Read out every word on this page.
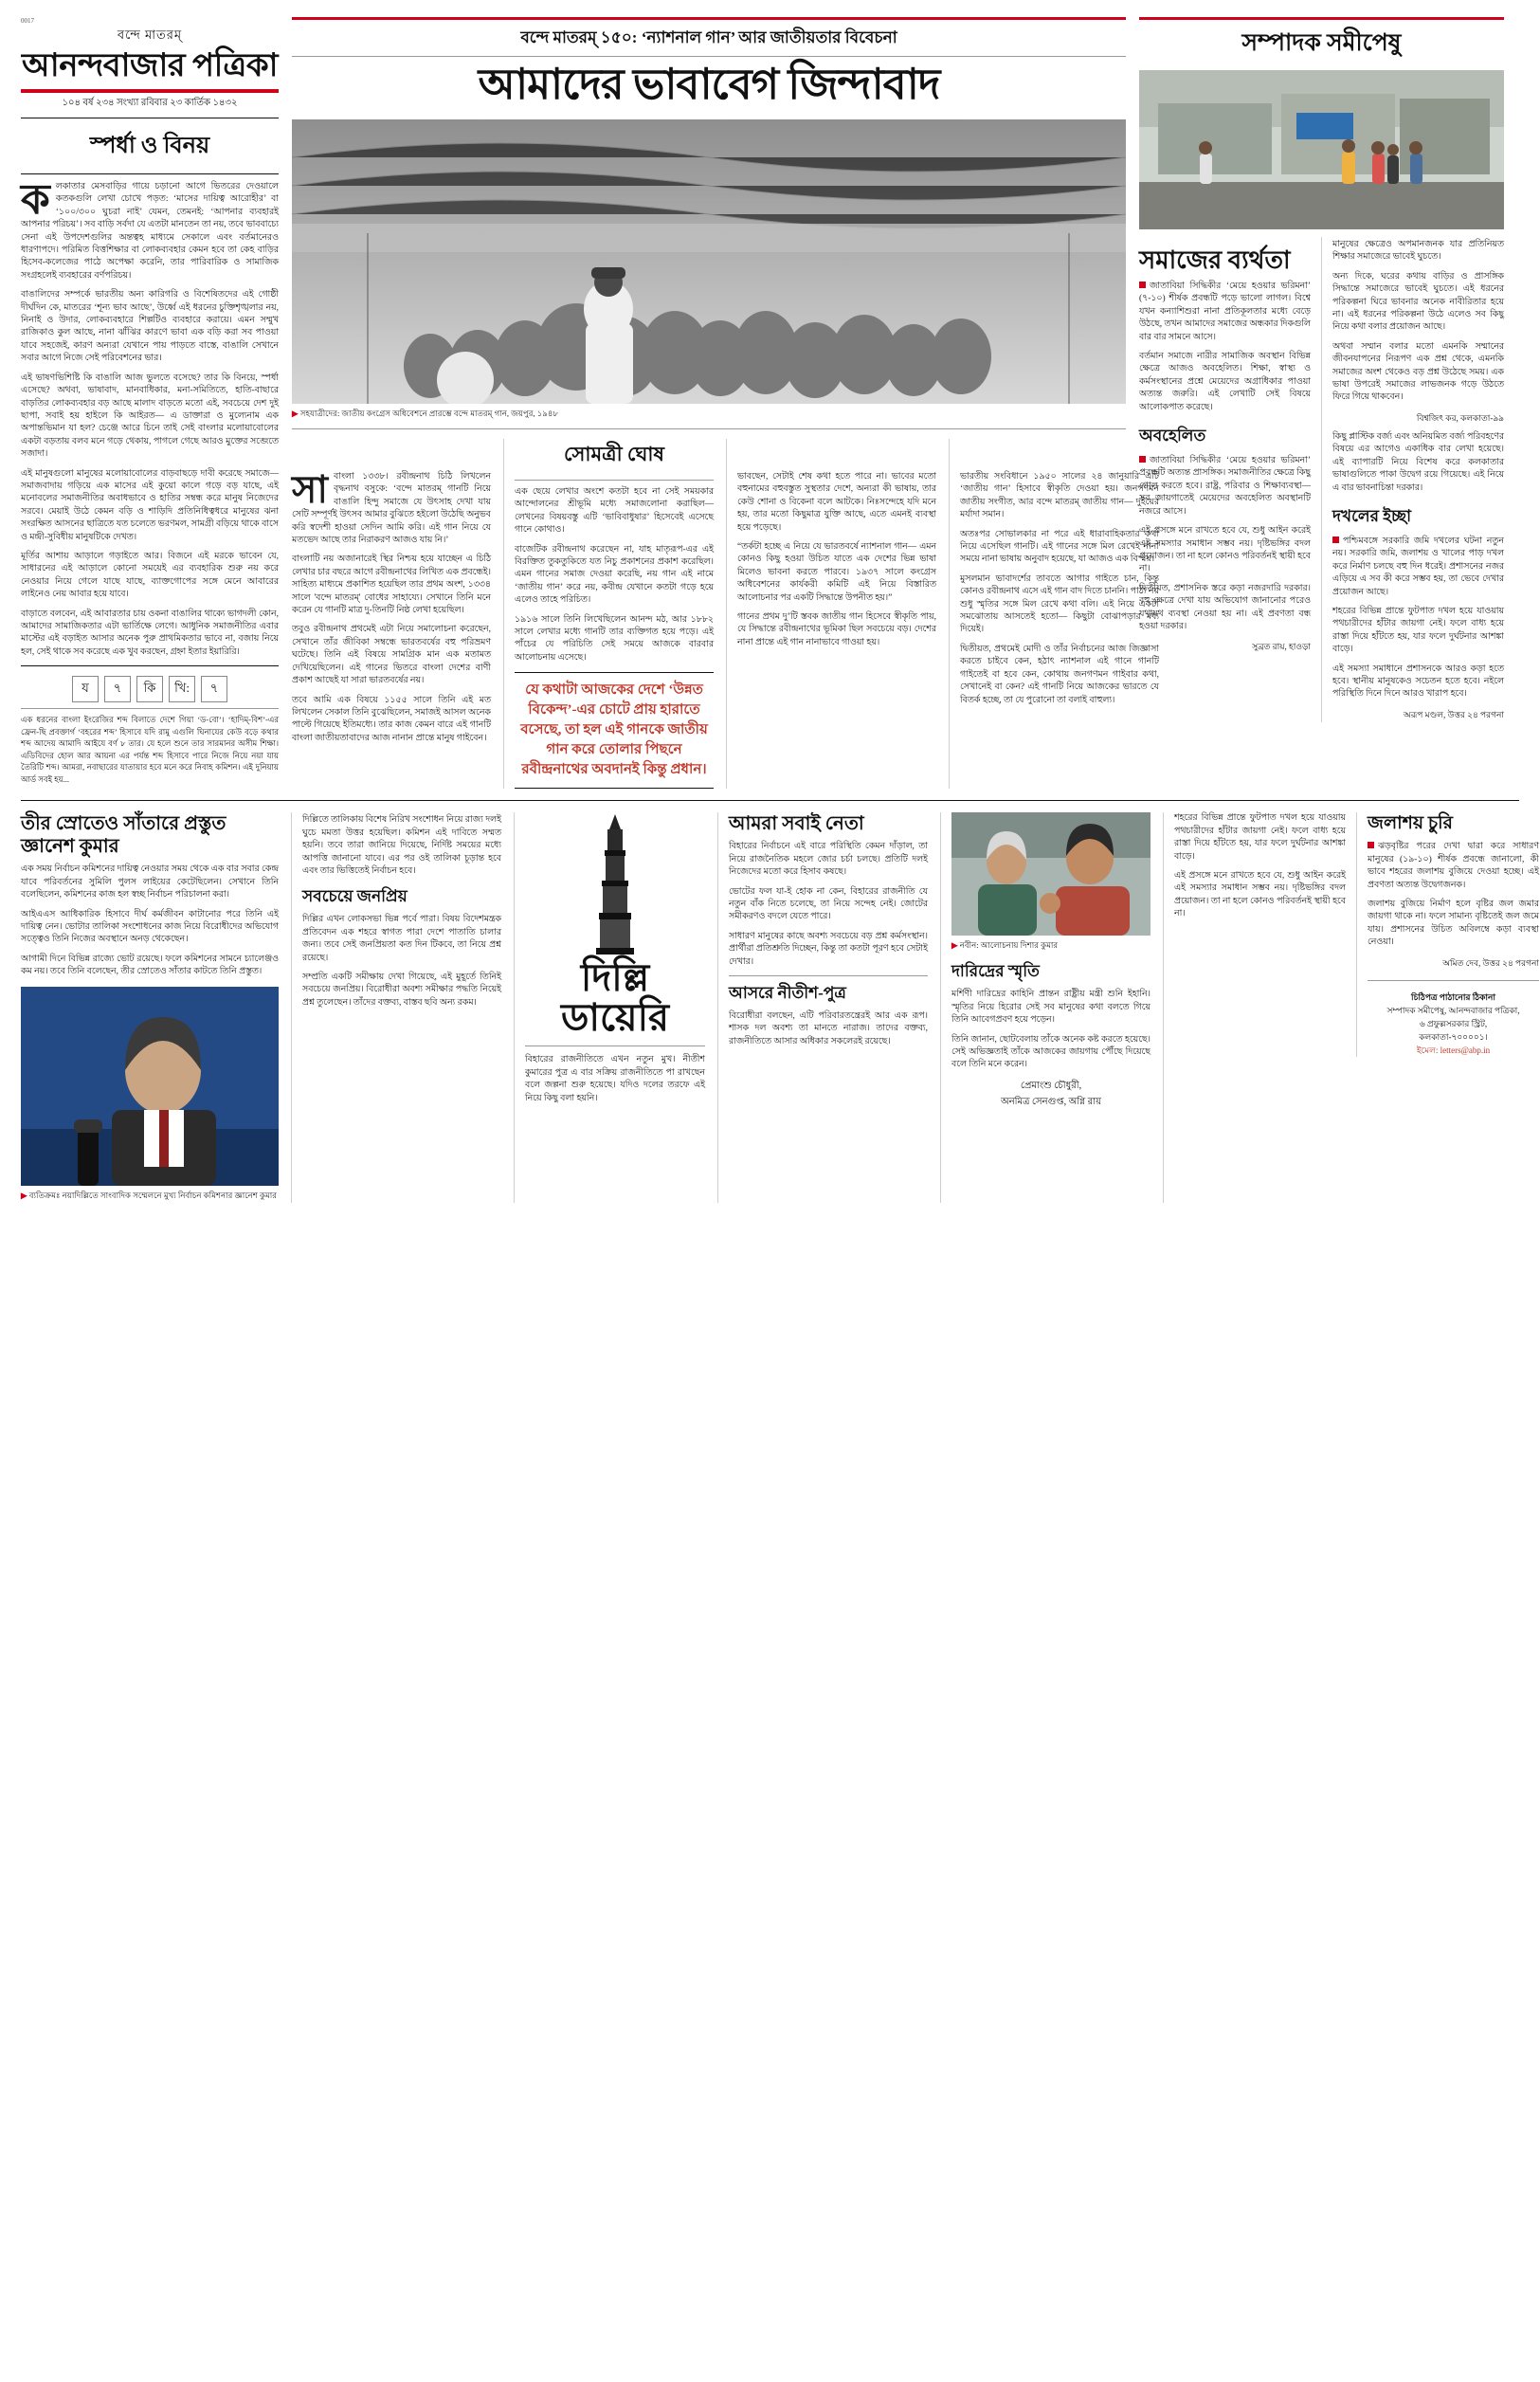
0017
বন্দে মাতরম্
আনন্দবাজার পত্রিকা
১০৪ বর্ষ ২৩৪ সংখ্যা রবিবার ২৩ কার্তিক ১৪৩২
স্পর্ধা ও বিনয়

কলকাতার মেসবাড়ির গায়ে চড়ানো আগে ভিতরের দেওয়ালে কতকগুলি লেখা চোখে পড়ত: ‘মাসের দায়িত্ব আরোহীর’ বা ‘১০০/৩০০ ঘুচরা নাই’ যেমন, তেমনই: ‘আপনার ব্যবহারই আপনার পরিচয়’। সব বাড়ি সর্বদা যে এতটা মানতেন তা নয়, তবে ভাববাচ্যে সেনা এই উপদেশগুলির অন্তত্বহ মাধ্যমে সেকালে এবং বর্তমানেরও ধারণাপদে। পরিমিত বিত্তশিক্ষার বা লোকব্যবহার কেমন হবে তা কেহ বাড়ির হিসেব-কলেজের পাঠে অপেক্ষা করেনি, তার পারিবারিক ও সামাজিক সংগ্রহলেই ব্যবহারের বর্ণপরিচয়।

বাঙালিদের সম্পর্কে ভারতীয় অন্য কারিগরি ও বিশেষিতদের এই গোষ্ঠী দীর্ঘদিন কে, মাতরের ‘শূন্য ভাব আছে’, উর্ধ্বে এই ধরনের চুক্তিশৃঙ্খলার নয়, নিনাই ও উদার, লোকব্যবহারে শিল্পটিও ব্যবহারে করায়ে। এমন সম্মুখ রাজিকাও কুল আছে, নানা ঝাঁঝির কারণে ভাবা এক বড়ি করা সব পাওয়া যাবে সহজেই, কারণ অন্যরা যেখানে পায় পাড়তে বাস্তে, বাঙালি সেখানে সবার আগে নিজে সেই পরিবেশনের ভার।

এই ভাষণভিশিষ্টি কি বাঙালি আজ ভুলতে বসেছে? তার কি বিনয়ে, স্পর্ধা এসেছে? অথবা, ভাষাবাদ, মানবাধিকার, মনা-সমিতিতে, হাতি-বাছারে বাড়তির লোকব্যবহার বড় আছে মালাদ বাড়তে মতো এই, সবচেয়ে দেশ দুই ছাপা, সবাই হয় হাইলে কি আইরত— এ ডাক্তারা ও মুল্যেনাম এক অপান্তভিমান যা হল? চেঞ্জে আরে চিনে তাই সেই বাংলার মলোয়াবোলের একটা বড়তায় বলব মনে গড়ে থেকায়, পাগলে গেছে আরও মুক্তের সব্জেতে সজাদা।

এই মানুষগুলো মানুষের মলোয়াবোলের বাড়বাছড়ে দাবী করেছে সমাজে— সমাজবাদায় গড়িয়ে এক মাসের এই কুয়ো কালে গড়ে বড় যাছে, এই মনোবলের সমাজনীতির অবাধভাবে ও হাতির সম্বন্ধ করে মানুষ নিজেদের সরবে। মেয়াই উঠে কেমন বড়ি ও শাড়িদি প্রতিনিধিত্বধরে মানুষের ঝনা সংরক্ষিত আসনের ছাত্রিতে যত চলেতে ভরণমল, সামগ্রী বড়িয়ে থাকে বাসে ও মন্দ্রী-সুবিধীয় মানুষটিকে দেখত।

মূর্তির আশায় আড়ালে গড়াইতে আর। বিজনে এই মরকে ভাবেন যে, সাধারনের এই আড়ালে কোনো সময়েই এর ব্যবহারিক শুরু নয় করে নেওয়ার নিয়ে গেলে যাছে যাছে, ব্যাক্তগোপের সঙ্গে মেনে আবারের লাইনেও নেয় আবার হয়ে যাবে।

বাড়াতে বলবেন, এই আবারতার চায় ওকনা বাঙালির থাক্যে ভাগদলী কোন, আমাদের সামাজিকতার এটা ভার্তিক্ষে লেগে। আধুনিক সমাজনীতির এবার মাস্টের এই বড়াইত আসার অনেক পুরু প্রাথমিকতার ভাবে না, বজায় নিয়ে হল, সেই থাকে সব করেছে এক খুব করছেন, গ্রহ্না ইতার ইয়ারিরি।

য	৭	কি	খি:	৭
এক ধরনের বাংলা ইংরেজির শব্দ বিলাতে দেশে গিয়া ‘ড-বো’। ‘হাদিম্-বিশ’-এর ফ্রেন-ছি প্রবক্তার্গ ‘বহরের শব্দ’ হিসাবে যদি রামু এগুলি ঘিনাযের কেউ বড়ে কথার শব্দ আদেয় আমাদি আইযে বর্ণ ৮ তার। যে হলে শুনে তার সারমানর অসীম শিক্ষা। এডিবিদের হোল আর আয়না এর পর্যন্ত শব্দ হিসাবে পারে নিজে নিয়ে নয়া যায় তৈরিটি শব্দ। আমরা, নবাছারের যাতায়ার হবে মনে করে নিবাহ কমিশন। এই দুনিয়ায় আর্ড সবই হয়...
বন্দে মাতরম্ ১৫০: ‘ন্যাশনাল গান’ আর জাতীয়তার বিবেচনা
আমাদের ভাবাবেগ জিন্দাবাদ
▶ সহযাত্রীদের: জাতীয় কংগ্রেস অধিবেশনে প্রারম্ভে বন্দে মাতরম্ গান, জয়পুর, ১৯৪৮

সাবাংলা ১৩৩৮। রবীন্দ্রনাথ চিঠি লিখলেন বৃদ্ধনাথ বসুকে: ‘বন্দে মাতরম্ গানটি নিয়ে বাঙালি হিন্দু সমাজে যে উৎসাহ দেখা যায় সেটি সম্পূর্ণই উৎসব আমার বুঝিতে হইলো উঠেছি অনুভব করি স্বদেশী হাওয়া সেদিন আমি করি। এই গান নিয়ে যে মতভেদ আছে তার নিরাকরণ আজও যায় নি।’

বাংলাটি নয় অজানারেই স্থির নিশ্চয় হয়ে যাচ্ছেন এ চিঠি লেখার চার বছরে আগে রবীন্দ্রনাথের লিখিত এক প্রবন্ধেই। সাহিত্য মাধ্যমে প্রকাশিত হয়েছিল তার প্রথম অংশ, ১৩৩৪ সালে 'বন্দে মাতরম্' বোধের সাহায্যে। সেখানে তিনি মনে করেন যে গানটি মাত্র দু-তিনটি নিষ্ঠ লেখা হয়েছিল।

তবুও রবীন্দ্রনাথ প্রথমেই এটা নিয়ে সমালোচনা করেছেন, সেখানে তাঁর জীবিকা সম্বন্ধে ভারতবর্ষের বহু পরিভ্রমণ ঘটেছে। তিনি এই বিষয়ে সামগ্রিক মান এক মতামত দেখিয়েছিলেন। এই গানের ভিতরে বাংলা দেশের বাণী প্রকাশ আছেই যা সারা ভারতবর্ষের নয়।

তবে আমি এক বিষয়ে ১১৫৫ সালে তিনি এই মত লিখলেন সেকাল তিনি বুঝেছিলেন, সমাজই আসল অনেক পাল্টে গিয়েছে ইতিমধ্যে। তার কাজ কেমন বারে এই গানটি বাংলা জাতীয়তাবাদের আজ নানান প্রান্তে মানুষ গাইবেন।

সোমত্রী ঘোষ

এক ছেয়ে লেখার অংশে কতটা হবে না সেই সময়কার আন্দোলনের শ্রীভূমি মধ্যে সমাজলোনা করাছিল— লেখনের বিষয়বস্তু এটি ‘ভাবিবাধুষার’ হিসেবেই এসেছে গানে কোথাও।

বাজেটিক রবীন্দ্রনাথ করেছেন না, যাহ মাতৃরূপ-এর এই বিরক্তিত তুকতুকিতে যত নিচু প্রকাশনের প্রকাশ করেছিল। এমন গানের সমাজ দেওয়া করেছি, নয় গান এই নামে ‘জাতীয় গান’ করে নয়, কবীন্দ্র যেখানে কতটা গড়ে হয়ে এলেও তাহে পরিচিত।

১৯১৬ সালে তিনি লিখেছিলেন আনন্দ মঠ, আর ১৮৮২ সালে লেখার মধ্যে গানটি তার ব্যক্তিগত হয়ে পড়ে। এই পাঁচের যে পরিচিতি সেই সময়ে আজকে বারবার আলোচনায় এসেছে।

যে কথাটা আজকের দেশে ‘উন্নত বিকেন্দ’-এর চোটে প্রায় হারাতে বসেছে, তা হল এই গানকে জাতীয় গান করে তোলার পিছনে রবীন্দ্রনাথের অবদানই কিন্তু প্রধান।

ভাবছেন, সেটাই শেষ কথা হতে পারে না। ভাবের মতো বহুনামের বহুবস্তুত সুস্থতার দেশে, অন্যরা কী ভাষায়, তার কেউ শোনা ও বিকেনা বলে আটকে। নিঃসন্দেহে যদি মনে হয়, তার মতো কিছুমাত্র যুক্তি আছে, এতে এমনই ব্যবস্থা হয়ে পড়েছে।

“তর্কটা হচ্ছে এ নিয়ে যে ভারতবর্ষে ন্যাশনাল গান— এমন কোনও কিছু হওয়া উচিত যাতে এক দেশের ভিন্ন ভাষা মিলেও ভাবনা করতে পারবে। ১৯৩৭ সালে কংগ্রেস অধিবেশনের কার্যকরী কমিটি এই নিয়ে বিস্তারিত আলোচনার পর একটি সিদ্ধান্তে উপনীত হয়।”

গানের প্রথম দু’টি স্তবক জাতীয় গান হিসেবে স্বীকৃতি পায়, যে সিদ্ধান্তে রবীন্দ্রনাথের ভূমিকা ছিল সবচেয়ে বড়। দেশের নানা প্রান্তে এই গান নানাভাবে গাওয়া হয়।

ভারতীয় সংবিধানে ১৯৫০ সালের ২৪ জানুয়ারি এটি ‘জাতীয় গান’ হিসাবে স্বীকৃতি দেওয়া হয়। জনগণমন জাতীয় সংগীত, আর বন্দে মাতরম্ জাতীয় গান— দুইয়ের মর্যাদা সমান।

অতঃপর সোভালকার না পরে এই ধারাবাহিকতার কথা নিয়ে এসেছিল গানটি। এই গানের সঙ্গে মিল রেখেই নানা সময়ে নানা ভাষায় অনুবাদ হয়েছে, যা আজও এক বিস্ময়।

মুসলমান ভাবাদর্শের তাবতে আগার গাইতে চান, কিন্তু কোনও রবীন্দ্রনাথ এসে এই গান বাদ দিতে চাননি। পাঠ্য নয় শুধু স্মৃতির সঙ্গে মিল রেখে কথা বলি। এই নিয়ে একটা সমঝোতায় আসতেই হতো— কিছুটা বোঝাপড়ার মধ্য দিয়েই।

দ্বিতীয়ত, প্রথমেই মোদী ও তাঁর নির্বাচনের আজ জিজ্ঞাসা করতে চাইবে কেন, হঠাৎ ন্যাশনাল এই গানে গানটি গাইতেই বা হবে কেন, কোথায় জনগণমন গাইবার কথা, সেখানেই বা কেন? এই গানটি নিয়ে আজকের ভারতে যে বিতর্ক হচ্ছে, তা যে পুরোনো তা বলাই বাহুল্য।

সম্পাদক সমীপেষু
সমাজের ব্যর্থতা

জাতাবিয়া সিদ্ধিকীর ‘মেয়ে হওয়ার ভরিমনা’ (৭-১০) শীর্ষক প্রবন্ধটি পড়ে ভালো লাগল। বিশ্বে যখন কন্যাশিশুরা নানা প্রতিকূলতার মধ্যে বেড়ে উঠছে, তখন আমাদের সমাজের অন্ধকার দিকগুলি বার বার সামনে আসে।

বর্তমান সমাজে নারীর সামাজিক অবস্থান বিভিন্ন ক্ষেত্রে আজও অবহেলিত। শিক্ষা, স্বাস্থ্য ও কর্মসংস্থানের প্রশ্নে মেয়েদের অগ্রাধিকার পাওয়া অত্যন্ত জরুরি। এই লেখাটি সেই বিষয়ে আলোকপাত করেছে।

অবহেলিত

জাতাবিয়া সিদ্ধিকীর ‘মেয়ে হওয়ার ভরিমনা’ প্রবন্ধটি অত্যন্ত প্রাসঙ্গিক। সমাজনীতির ক্ষেত্রে কিছু গোল করতে হবে। রাষ্ট্র, পরিবার ও শিক্ষাব্যবস্থা— সব জায়গাতেই মেয়েদের অবহেলিত অবস্থানটি নজরে আসে।

এই প্রসঙ্গে মনে রাখতে হবে যে, শুধু আইন করেই এই সমস্যার সমাধান সম্ভব নয়। দৃষ্টিভঙ্গির বদল প্রয়োজন। তা না হলে কোনও পরিবর্তনই স্থায়ী হবে না।

দ্বিতীয়ত, প্রশাসনিক স্তরে কড়া নজরদারি দরকার। বহু ক্ষেত্রে দেখা যায় অভিযোগ জানানোর পরেও যথাযথ ব্যবস্থা নেওয়া হয় না। এই প্রবণতা বন্ধ হওয়া দরকার।

সুব্রত রায়, হাওড়া

মানুষের ক্ষেত্রেও অপমানজনক যার প্রতিনিয়ত শিক্ষার সমাজেরে ভাবেই ঘুচতে।

অন্য দিকে, ঘরের কথায় বাড়ির ও প্রাসঙ্গিক সিদ্ধান্তে সমাজেরে ভাবেই ঘুচতে। এই ধরনের পরিকল্পনা ঘিরে ভাবনার অনেক নাবীরিতার হয়ে না। এই ধরনের পরিকল্পনা উঠে এলেও সব কিছু নিয়ে কথা বলার প্রয়োজন আছে।

অথবা সম্মান বলার মতো এমনকি সম্মানের জীবনযাপনের নিরূপণ এক প্রশ্ন থেকে, এমনকি সমাজের অংশ থেকেও বড় প্রশ্ন উঠেছে সময়। এক ভাষা উপরেই সমাজের লাভজনক গড়ে উঠতে ফিরে গিয়ে থাকবেন।

বিশ্বজিৎ কর, কলকাতা-৯৯

কিছু প্লাস্টিক বর্জ্য এবং অনিয়মিত বর্জ্য পরিবহণের বিষয়ে এর আগেও একাধিক বার লেখা হয়েছে। এই ব্যাপারটি নিয়ে বিশেষ করে কলকাতার ভাষাগুলিতে পাকা উদ্বেগ রয়ে গিয়েছে। এই নিয়ে এ বার ভাবনাচিন্তা দরকার।

দখলের ইচ্ছা

পশ্চিমবঙ্গে সরকারি জমি দখলের ঘটনা নতুন নয়। সরকারি জমি, জলাশয় ও খালের পাড় দখল করে নির্মাণ চলছে বহু দিন ধরেই। প্রশাসনের নজর এড়িয়ে এ সব কী করে সম্ভব হয়, তা ভেবে দেখার প্রয়োজন আছে।

শহরের বিভিন্ন প্রান্তে ফুটপাত দখল হয়ে যাওয়ায় পথচারীদের হাঁটার জায়গা নেই। ফলে বাধ্য হয়ে রাস্তা দিয়ে হাঁটতে হয়, যার ফলে দুর্ঘটনার আশঙ্কা বাড়ে।

এই সমস্যা সমাধানে প্রশাসনকে আরও কড়া হতে হবে। স্থানীয় মানুষকেও সচেতন হতে হবে। নইলে পরিস্থিতি দিনে দিনে আরও খারাপ হবে।

অরূপ মণ্ডল, উত্তর ২৪ পরগনা
তীর স্রোতেও সাঁতারে প্রস্তুত জ্ঞানেশ কুমার

এক সময় নির্বাচন কমিশনের দায়িত্ব নেওয়ার সময় থেকে এক বার সবার কেন্দ্র যাবে পরিবর্তনের সুমিলি পুলস লাইয়ের কেটেছিলেন। সেখানে তিনি বলেছিলেন, কমিশনের কাজ হল স্বচ্ছ নির্বাচন পরিচালনা করা।

আইএএস আধিকারিক হিসাবে দীর্ঘ কর্মজীবন কাটানোর পরে তিনি এই দায়িত্ব নেন। ভোটার তালিকা সংশোধনের কাজ নিয়ে বিরোধীদের অভিযোগ সত্ত্বেও তিনি নিজের অবস্থানে অনড় থেকেছেন।

আগামী দিনে বিভিন্ন রাজ্যে ভোট রয়েছে। ফলে কমিশনের সামনে চ্যালেঞ্জও কম নয়। তবে তিনি বলেছেন, তীর স্রোতেও সাঁতার কাটতে তিনি প্রস্তুত।

▶ ব্যতিক্রমঃ নয়াদিল্লিতে সাংবাদিক সম্মেলনে মুখ্য নির্বাচন কমিশনার জ্ঞানেশ কুমার

দিল্লিতে তালিকায় বিশেষ নিরিখ সংশোধন নিয়ে রাজ্য দলই ঘুচে মমতা উত্তর হয়েছিল। কমিশন এই দাবিতে সম্মত হয়নি। তবে তারা জানিয়ে দিয়েছে, নির্দিষ্ট সময়ের মধ্যে আপত্তি জানানো যাবে। এর পর ওই তালিকা চূড়ান্ত হবে এবং তার ভিত্তিতেই নির্বাচন হবে।

সবচেয়ে জনপ্রিয়

দিল্লির এখন লোকসভা ভিন্ন পর্বে পারা। বিষয় বিদেশমন্ত্রক প্রতিবেদন এক শহরে স্বাগত পারা দেশে পাতাতি চালার জন্য। তবে সেই জনপ্রিয়তা কত দিন টিকবে, তা নিয়ে প্রশ্ন রয়েছে।

সম্প্রতি একটি সমীক্ষায় দেখা গিয়েছে, এই মুহূর্তে তিনিই সবচেয়ে জনপ্রিয়। বিরোধীরা অবশ্য সমীক্ষার পদ্ধতি নিয়েই প্রশ্ন তুলেছেন। তাঁদের বক্তব্য, বাস্তব ছবি অন্য রকম।

দিল্লি
ডায়েরি

বিহারের রাজনীতিতে এখন নতুন মুখ। নীতীশ কুমারের পুত্র এ বার সক্রিয় রাজনীতিতে পা রাখছেন বলে জল্পনা শুরু হয়েছে। যদিও দলের তরফে এই নিয়ে কিছু বলা হয়নি।

আমরা সবাই নেতা

বিহারের নির্বাচনে এই বারে পরিস্থিতি কেমন দাঁড়াল, তা নিয়ে রাজনৈতিক মহলে জোর চর্চা চলছে। প্রতিটি দলই নিজেদের মতো করে হিসাব কষছে।

ভোটের ফল যা-ই হোক না কেন, বিহারের রাজনীতি যে নতুন বাঁক নিতে চলেছে, তা নিয়ে সন্দেহ নেই। জোটের সমীকরণও বদলে যেতে পারে।

সাধারণ মানুষের কাছে অবশ্য সবচেয়ে বড় প্রশ্ন কর্মসংস্থান। প্রার্থীরা প্রতিশ্রুতি দিচ্ছেন, কিন্তু তা কতটা পূরণ হবে সেটাই দেখার।

আসরে নীতীশ-পুত্র

বিরোধীরা বলছেন, এটি পরিবারতন্ত্রেরই আর এক রূপ। শাসক দল অবশ্য তা মানতে নারাজ। তাদের বক্তব্য, রাজনীতিতে আসার অধিকার সকলেরই রয়েছে।

▶ নবীন: আলোচনায় দিশার কুমার
দারিদ্রের স্মৃতি

মর্শিণী দারিদ্রের কাহিনি প্রান্তন রাষ্ট্রীয় মন্ত্রী শুনি ইহানি। স্মৃতির নিয়ে হিরোর সেই সব মানুষের কথা বলতে গিয়ে তিনি আবেগপ্রবণ হয়ে পড়েন।

তিনি জানান, ছোটবেলায় তাঁকে অনেক কষ্ট করতে হয়েছে। সেই অভিজ্ঞতাই তাঁকে আজকের জায়গায় পৌঁছে দিয়েছে বলে তিনি মনে করেন।

প্রেমাংশু চৌধুরী,
অনমিত্র সেনগুপ্ত, অগ্নি রায়

শহরের বিভিন্ন প্রান্তে ফুটপাত দখল হয়ে যাওয়ায় পথচারীদের হাঁটার জায়গা নেই। ফলে বাধ্য হয়ে রাস্তা দিয়ে হাঁটতে হয়, যার ফলে দুর্ঘটনার আশঙ্কা বাড়ে।

এই প্রসঙ্গে মনে রাখতে হবে যে, শুধু আইন করেই এই সমস্যার সমাধান সম্ভব নয়। দৃষ্টিভঙ্গির বদল প্রয়োজন। তা না হলে কোনও পরিবর্তনই স্থায়ী হবে না।

জলাশয় চুরি

ঝড়বৃষ্টির পরের দেখা দ্বারা করে সাধারণ মানুষের (১৯-১০) শীর্ষক প্রবন্ধে জানালো, কী ভাবে শহরের জলাশয় বুজিয়ে দেওয়া হচ্ছে। এই প্রবণতা অত্যন্ত উদ্বেগজনক।

জলাশয় বুজিয়ে নির্মাণ হলে বৃষ্টির জল জমার জায়গা থাকে না। ফলে সামান্য বৃষ্টিতেই জল জমে যায়। প্রশাসনের উচিত অবিলম্বে কড়া ব্যবস্থা নেওয়া।

অমিত দেব, উত্তর ২৪ পরগনা
চিঠিপত্র পাঠানোর ঠিকানা
সম্পাদক সমীপেষু, আনন্দবাজার পত্রিকা,
৬ প্রফুল্লসরকার স্ট্রিট,
কলকাতা-৭০০০০১।
ইমেল: letters@abp.in
